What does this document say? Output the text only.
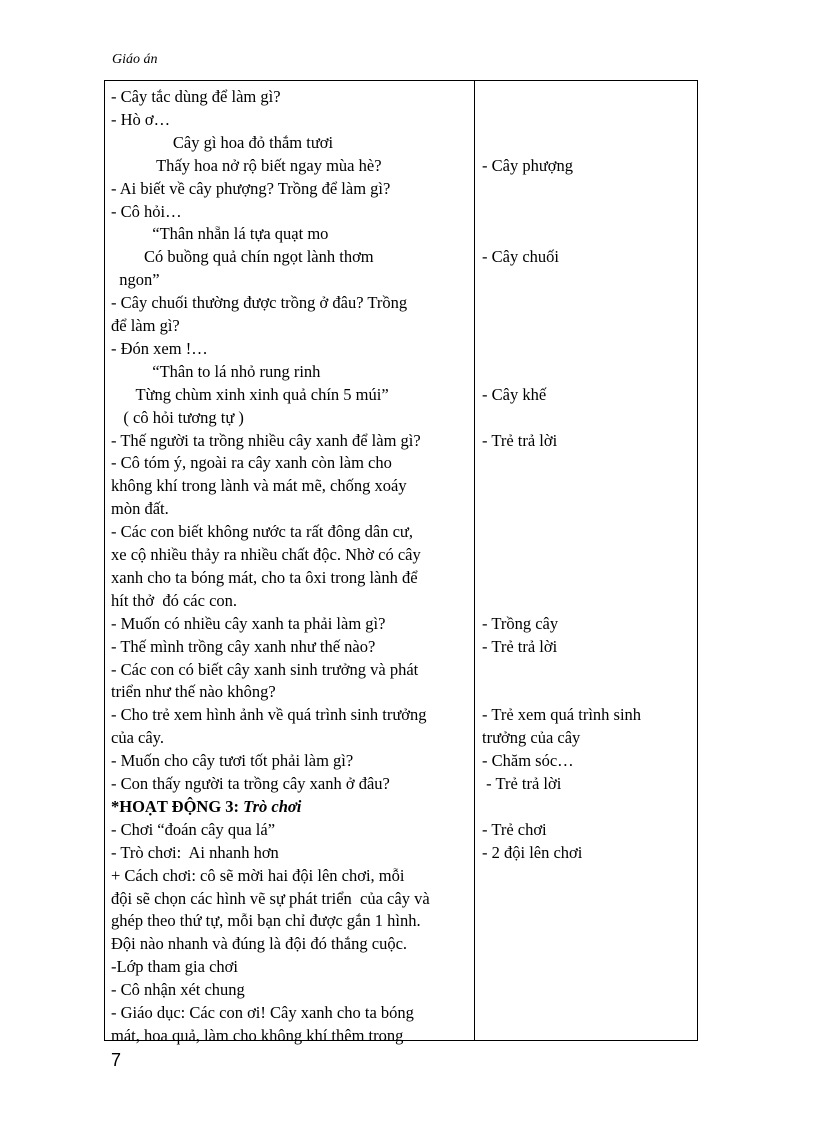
Giáo án
- Cây tắc dùng để làm gì?
- Hò ơ…
Cây gì hoa đỏ thắm tươi
Thấy hoa nở rộ biết ngay mùa hè?
- Ai biết về cây phượng? Trồng để làm gì?
- Cô hỏi…
“Thân nhẵn lá tựa quạt mo
Có buồng quả chín ngọt lành thơm
ngon”
- Cây chuối thường được trồng ở đâu? Trồng
để làm gì?
- Đón xem !…
“Thân to lá nhỏ rung rinh
Từng chùm xinh xinh quả chín 5 múi”
( cô hỏi tương tự )
- Thế người ta trồng nhiều cây xanh để làm gì?
- Cô tóm ý, ngoài ra cây xanh còn làm cho
không khí trong lành và mát mẽ, chống xoáy
mòn đất.
- Các con biết không nước ta rất đông dân cư,
xe cộ nhiều thảy ra nhiều chất độc. Nhờ có cây
xanh cho ta bóng mát, cho ta ôxi trong lành để
hít thở  đó các con.
- Muốn có nhiều cây xanh ta phải làm gì?
- Thế mình trồng cây xanh như thế nào?
- Các con có biết cây xanh sinh trưởng và phát
triển như thế nào không?
- Cho trẻ xem hình ảnh về quá trình sinh trưởng
của cây.
- Muốn cho cây tươi tốt phải làm gì?
- Con thấy người ta trồng cây xanh ở đâu?
*HOẠT ĐỘNG 3: Trò chơi
- Chơi “đoán cây qua lá”
- Trò chơi:  Ai nhanh hơn
+ Cách chơi: cô sẽ mời hai đội lên chơi, mỗi
đội sẽ chọn các hình vẽ sự phát triển  của cây và
ghép theo thứ tự, mỗi bạn chỉ được gắn 1 hình.
Đội nào nhanh và đúng là đội đó thắng cuộc.
-Lớp tham gia chơi
- Cô nhận xét chung
- Giáo dục: Các con ơi! Cây xanh cho ta bóng
mát, hoa quả, làm cho không khí thêm trong
- Cây phượng
- Cây chuối
- Cây khế
- Trẻ trả lời
- Trồng cây
- Trẻ trả lời
- Trẻ xem quá trình sinh
trưởng của cây
- Chăm sóc…
- Trẻ trả lời
- Trẻ chơi
- 2 đội lên chơi
7
